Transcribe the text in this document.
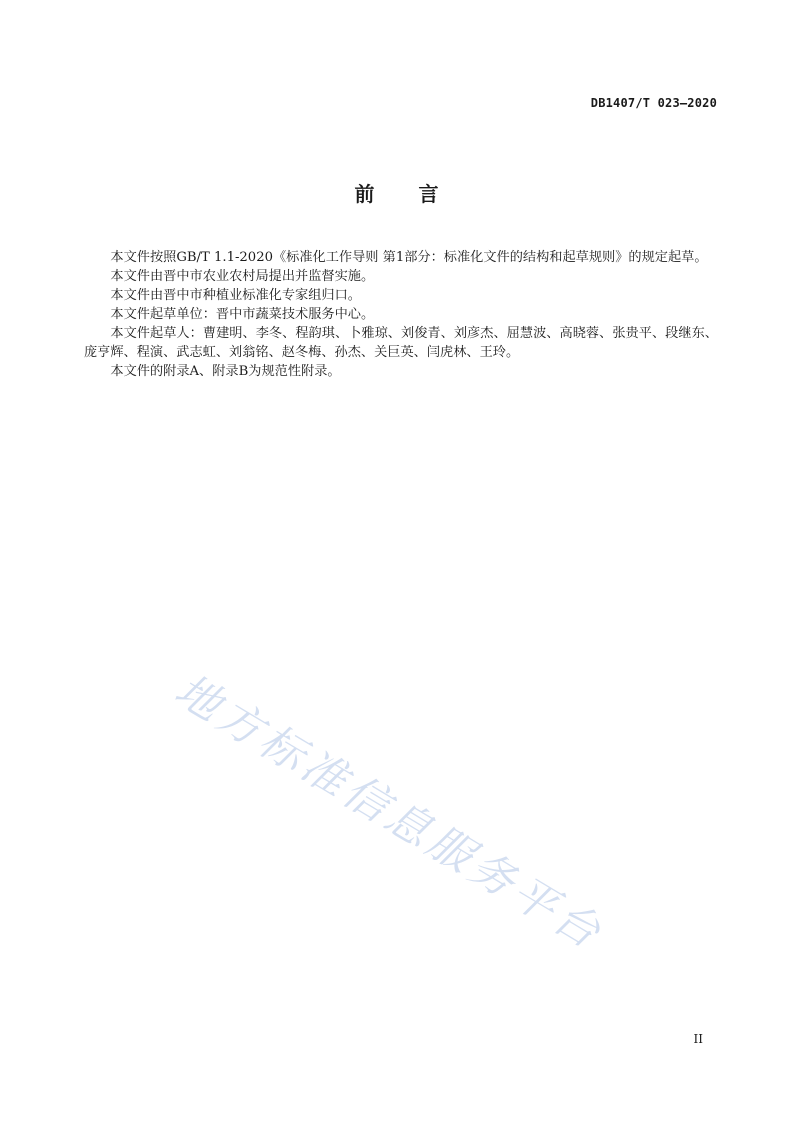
DB1407/T 023—2020
前言

本文件按照GB/T 1.1-2020《标准化工作导则 第1部分：标准化文件的结构和起草规则》的规定起草。

本文件由晋中市农业农村局提出并监督实施。

本文件由晋中市种植业标准化专家组归口。

本文件起草单位：晋中市蔬菜技术服务中心。

本文件起草人：曹建明、李冬、程韵琪、卜雅琼、刘俊青、刘彦杰、屈慧波、高晓蓉、张贵平、段继东、庞亨辉、程演、武志虹、刘翁铭、赵冬梅、孙杰、关巨英、闫虎林、王玲。

本文件的附录A、附录B为规范性附录。

地方标准信息服务平台
II
